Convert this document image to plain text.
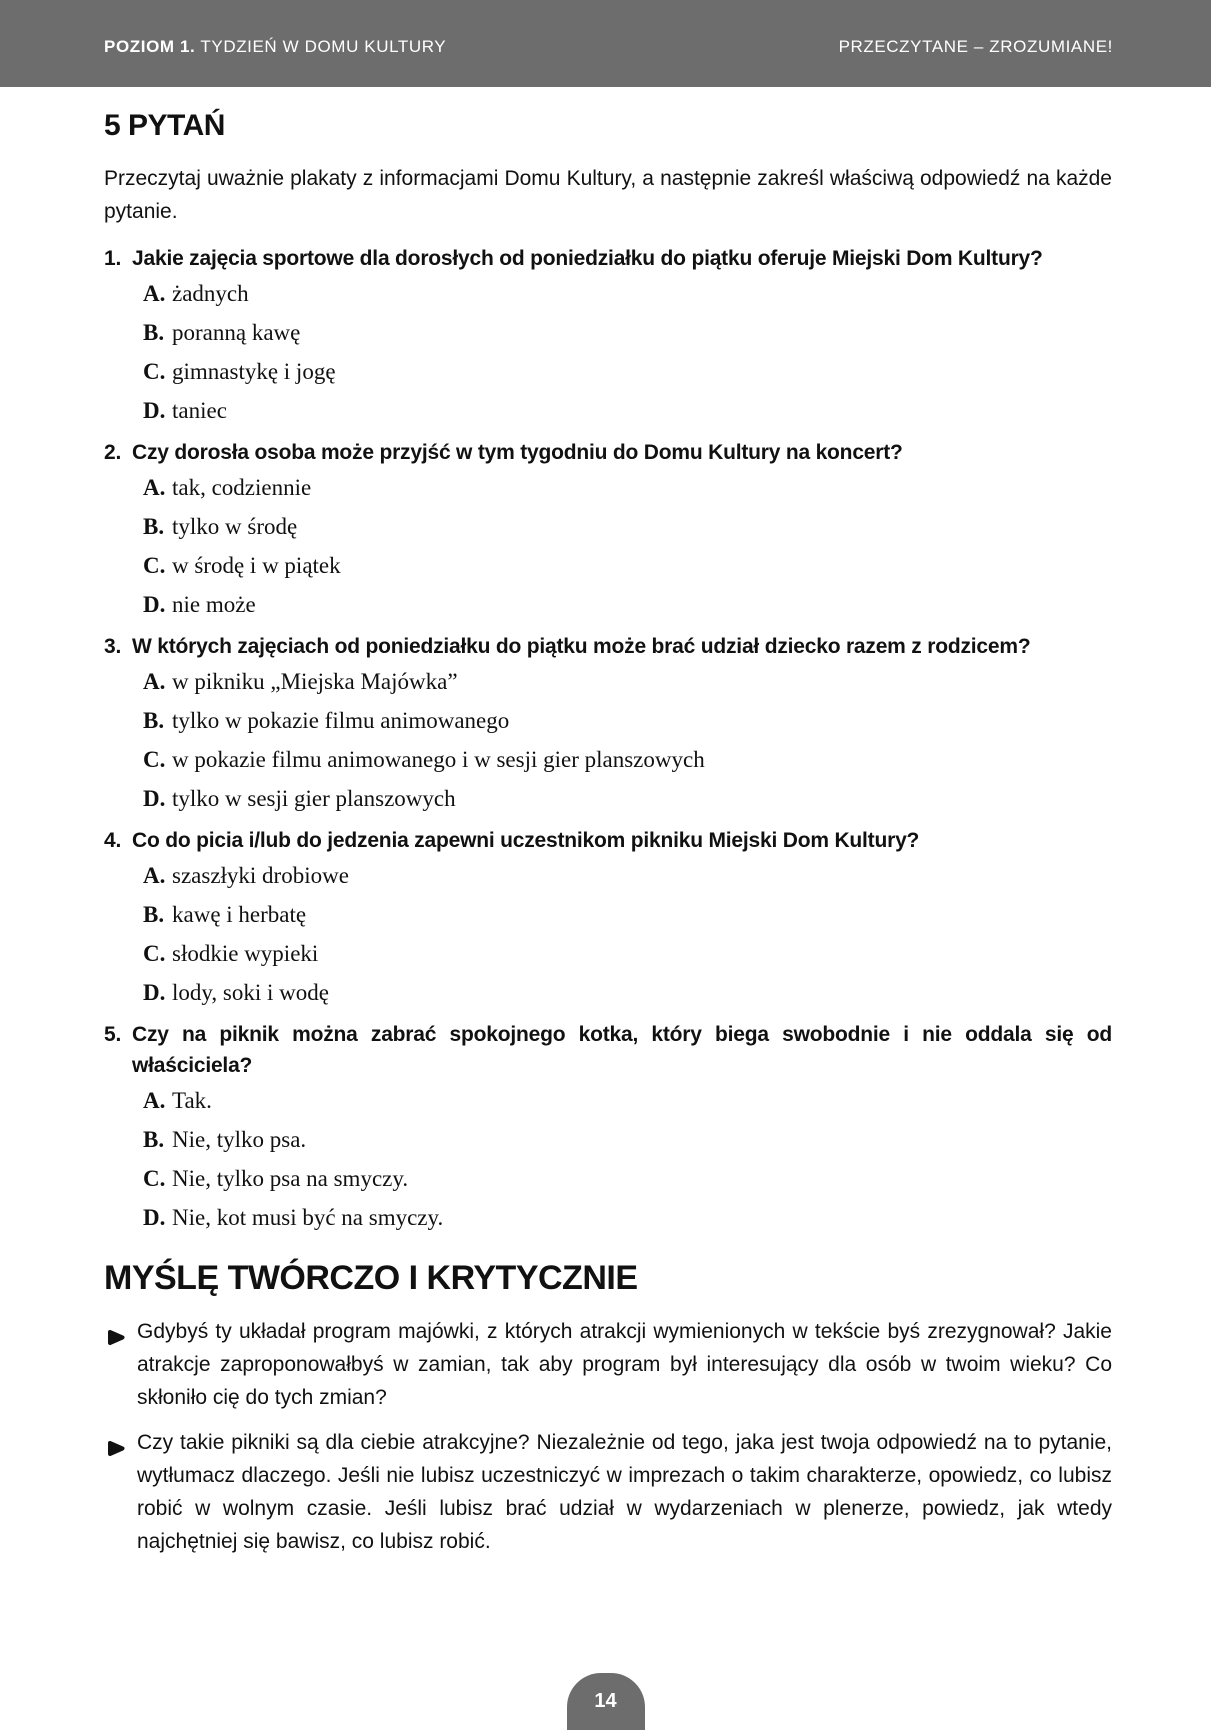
POZIOM 1. TYDZIEŃ W DOMU KULTURY	PRZECZYTANE – ZROZUMIANE!
5 PYTAŃ

Przeczytaj uważnie plakaty z informacjami Domu Kultury, a następnie zakreśl właściwą odpowiedź na każde pytanie.

1. Jakie zajęcia sportowe dla dorosłych od poniedziałku do piątku oferuje Miejski Dom Kultury?
A. żadnych
B. poranną kawę
C. gimnastykę i jogę
D. taniec
2. Czy dorosła osoba może przyjść w tym tygodniu do Domu Kultury na koncert?
A. tak, codziennie
B. tylko w środę
C. w środę i w piątek
D. nie może
3. W których zajęciach od poniedziałku do piątku może brać udział dziecko razem z rodzicem?
A. w pikniku „Miejska Majówka”
B. tylko w pokazie filmu animowanego
C. w pokazie filmu animowanego i w sesji gier planszowych
D. tylko w sesji gier planszowych
4. Co do picia i/lub do jedzenia zapewni uczestnikom pikniku Miejski Dom Kultury?
A. szaszłyki drobiowe
B. kawę i herbatę
C. słodkie wypieki
D. lody, soki i wodę
5. Czy na piknik można zabrać spokojnego kotka, który biega swobodnie i nie oddala się od właściciela?
A. Tak.
B. Nie, tylko psa.
C. Nie, tylko psa na smyczy.
D. Nie, kot musi być na smyczy.
MYŚLĘ TWÓRCZO I KRYTYCZNIE
Gdybyś ty układał program majówki, z których atrakcji wymienionych w tekście byś zrezygnował? Jakie atrakcje zaproponowałbyś w zamian, tak aby program był interesujący dla osób w twoim wieku? Co skłoniło cię do tych zmian?
Czy takie pikniki są dla ciebie atrakcyjne? Niezależnie od tego, jaka jest twoja odpowiedź na to pytanie, wytłumacz dlaczego. Jeśli nie lubisz uczestniczyć w imprezach o takim charakterze, opowiedz, co lubisz robić w wolnym czasie. Jeśli lubisz brać udział w wydarzeniach w plenerze, powiedz, jak wtedy najchętniej się bawisz, co lubisz robić.
14
